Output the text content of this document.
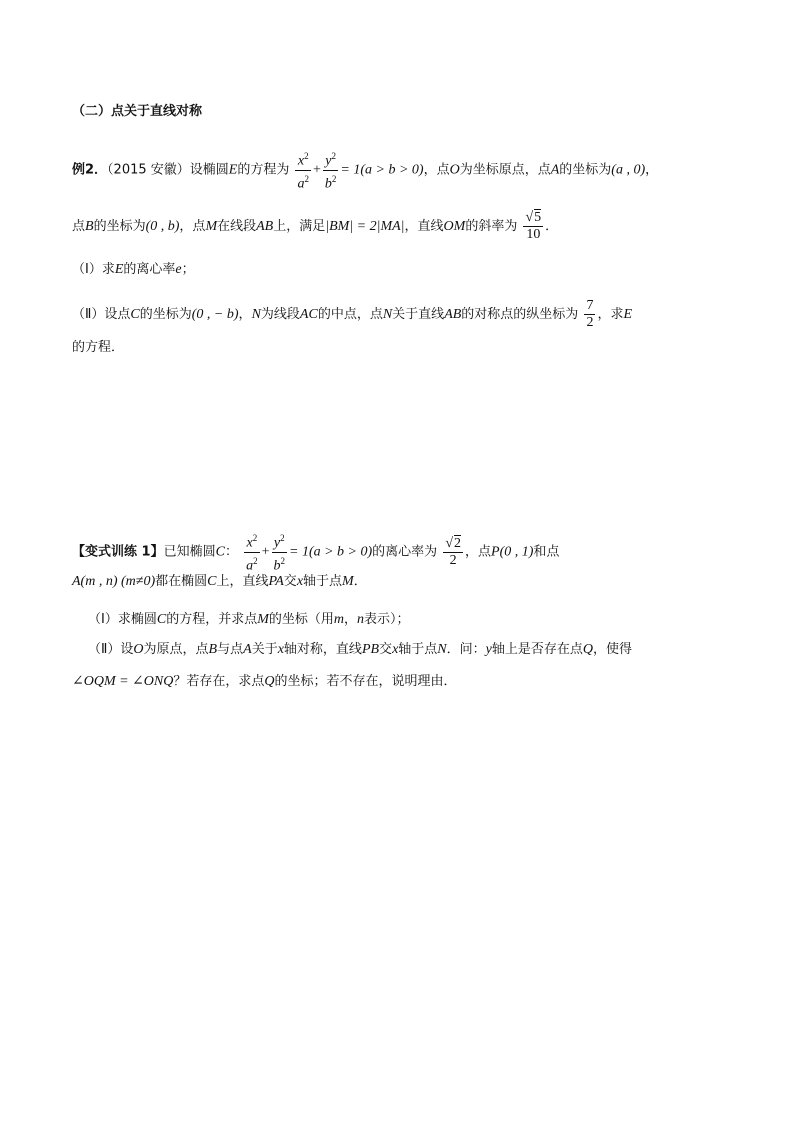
（二）点关于直线对称
例2．（2015 安徽）设椭圆E的方程为 $\frac{x^2}{a^2} + \frac{y^2}{b^2} = 1(a > b > 0)$，点O为坐标原点，点A的坐标为(a , 0)，
点B的坐标为(0 , b)，点M在线段AB上，满足|BM| = 2|MA|，直线OM的斜率为 $\frac{√5}{10}$ ．
（Ⅰ）求E的离心率e；
（Ⅱ）设点C的坐标为(0 , − b)，N为线段AC的中点，点N关于直线AB的对称点的纵坐标为 $\frac{7}{2}$ ，求E
的方程．
【变式训练 1】已知椭圆C： $\frac{x^2}{a^2} + \frac{y^2}{b^2} = 1(a > b > 0)$的离心率为 $\frac{√2}{2}$ ，点P(0 , 1)和点
A(m , n) (m≠0)都在椭圆C上，直线PA交x轴于点M．
（Ⅰ）求椭圆C的方程，并求点M的坐标（用m，n表示）；
（Ⅱ）设O为原点，点B与点A关于x轴对称，直线PB交x轴于点N．问：y轴上是否存在点Q，使得
∠OQM = ∠ONQ？若存在，求点Q的坐标；若不存在，说明理由．
